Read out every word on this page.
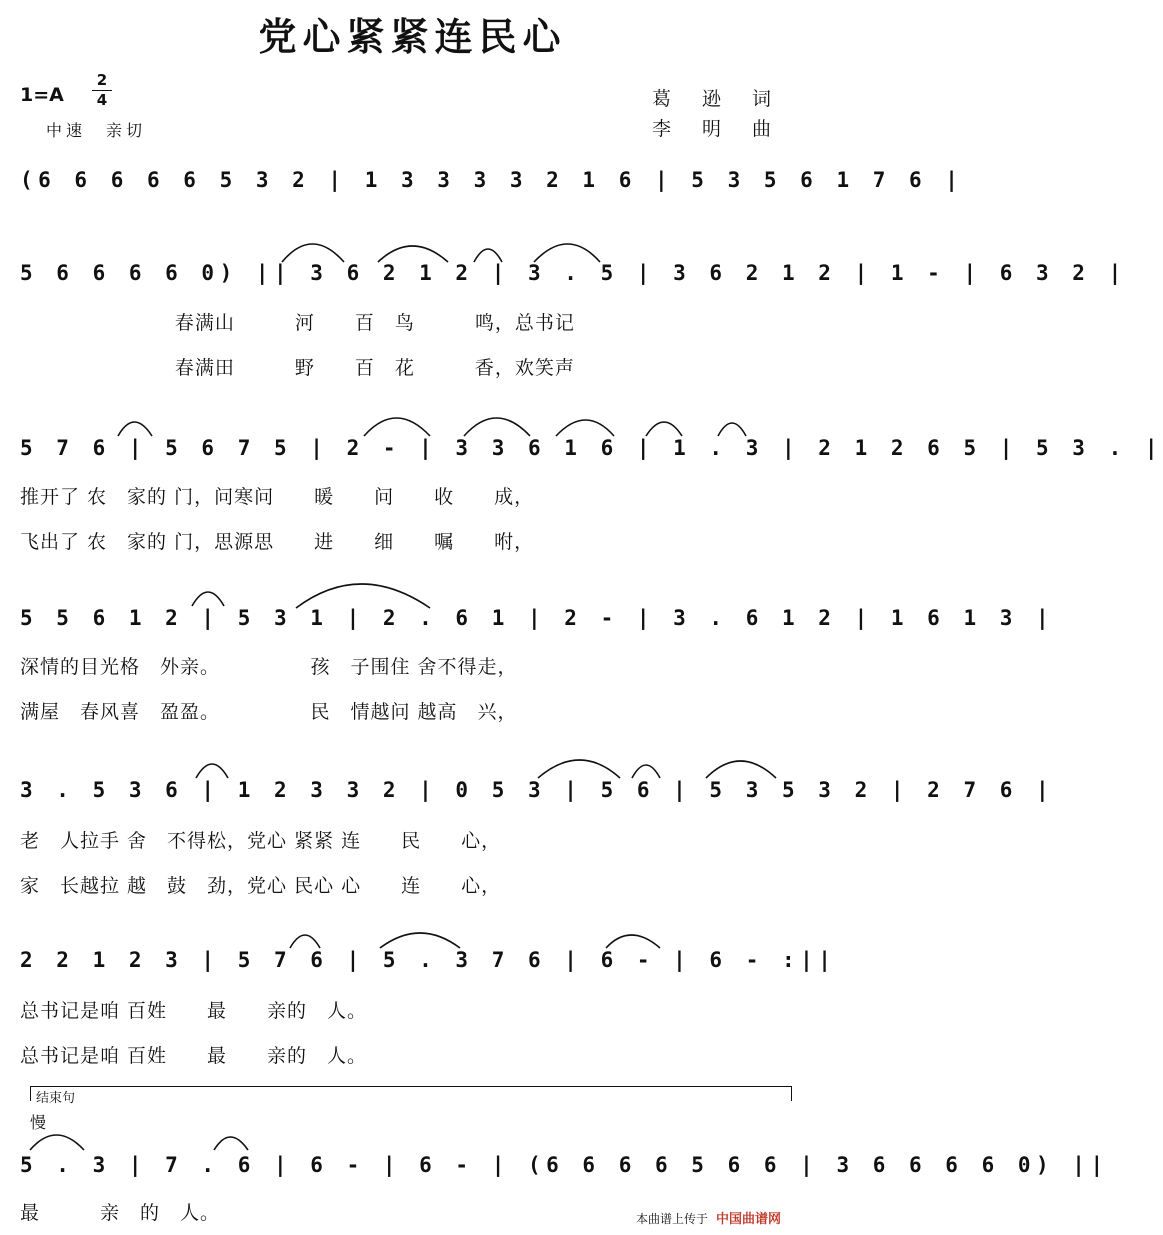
党心紧紧连民心
1=A
2
4
中速　亲切
葛　逊　词
李　明　曲
(6 6 6 6 6 5 3 2 | 1 3 3 3 3 2 1 6 | 5 3 5 6 1 7 6 |
5 6 6 6 6 0) || 3 6 2 1 2 | 3 . 5 | 3 6 2 1 2 | 1 - | 6 3 2 |
春满山　　　河　　百　鸟　　　鸣，总书记
春满田　　　野　　百　花　　　香，欢笑声
5 7 6 | 5 6 7 5 | 2 - | 3 3 6 1 6 | 1 . 3 | 2 1 2 6 5 | 5 3 . |
推开了 农　家的 门，问寒问　　暖　　问　　收　　成，
飞出了 农　家的 门，思源思　　进　　细　　嘱　　咐，
5 5 6 1 2 | 5 3 1 | 2 . 6 1 | 2 - | 3 . 6 1 2 | 1 6 1 3 |
深情的目光格　外亲。　　　　　孩　子围住 舍不得走，
满屋　春风喜　盈盈。　　　　　民　情越问 越高　兴，
3 . 5 3 6 | 1 2 3 3 2 | 0 5 3 | 5 6 | 5 3 5 3 2 | 2 7 6 |
老　人拉手 舍　不得松，党心 紧紧 连　　民　　心，
家　长越拉 越　鼓　劲，党心 民心 心　　连　　心，
2 2 1 2 3 | 5 7 6 | 5 . 3 7 6 | 6 - | 6 - :||
总书记是咱 百姓　　最　　亲的　人。
总书记是咱 百姓　　最　　亲的　人。
结束句
慢
5 . 3 | 7 . 6 | 6 - | 6 - | (6 6 6 6 5 6 6 | 3 6 6 6 6 0) ||
最　　　亲　的　人。	本曲谱上传于 中国曲谱网
